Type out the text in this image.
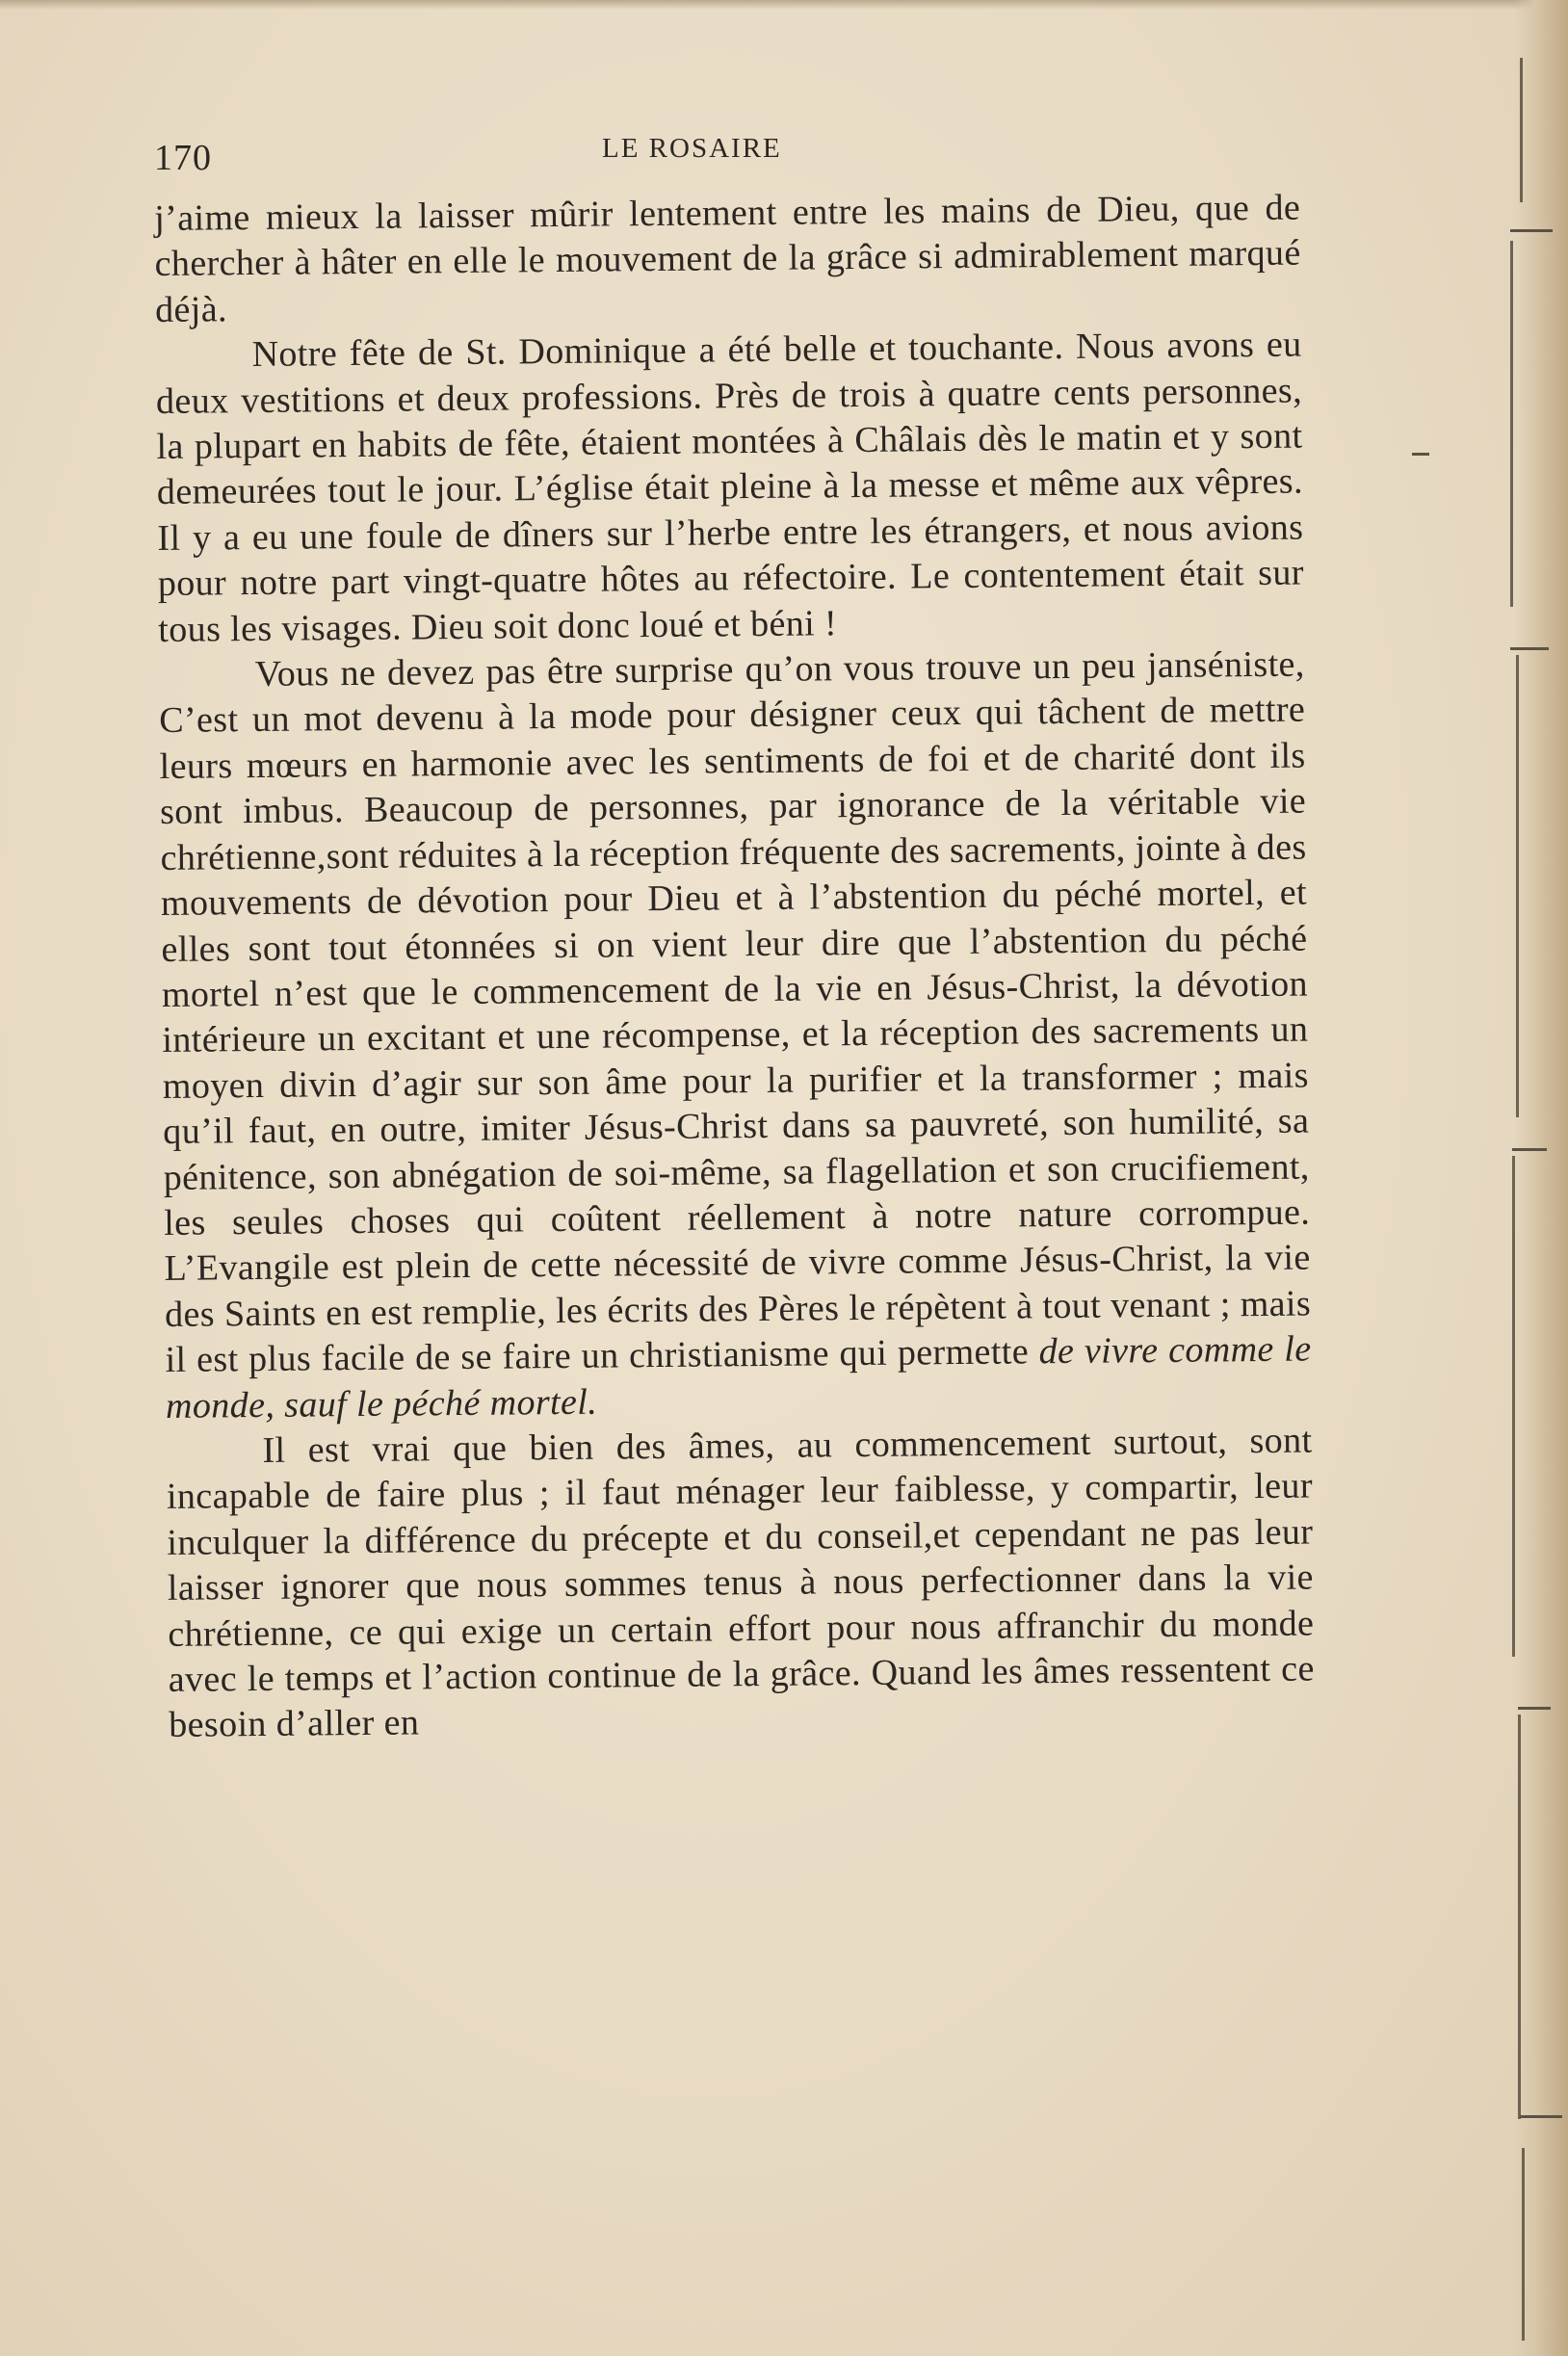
170	LE ROSAIRE

j’aime mieux la laisser mûrir lentement entre les mains de Dieu, que de chercher à hâter en elle le mouvement de la grâce si admirablement marqué déjà.

Notre fête de St. Dominique a été belle et touchante. Nous avons eu deux vestitions et deux professions. Près de trois à quatre cents personnes, la plupart en habits de fête, étaient montées à Châlais dès le matin et y sont demeurées tout le jour. L’église était pleine à la messe et même aux vêpres. Il y a eu une foule de dîners sur l’herbe entre les étrangers, et nous avions pour notre part vingt-quatre hôtes au réfectoire. Le contentement était sur tous les visages. Dieu soit donc loué et béni !

Vous ne devez pas être surprise qu’on vous trouve un peu janséniste, C’est un mot devenu à la mode pour désigner ceux qui tâchent de mettre leurs mœurs en harmonie avec les sentiments de foi et de charité dont ils sont imbus. Beaucoup de personnes, par ignorance de la véritable vie chrétienne,sont réduites à la réception fréquente des sacrements, jointe à des mouvements de dévotion pour Dieu et à l’abstention du péché mortel, et elles sont tout étonnées si on vient leur dire que l’abstention du péché mortel n’est que le commencement de la vie en Jésus-Christ, la dévotion intérieure un excitant et une récompense, et la réception des sacrements un moyen divin d’agir sur son âme pour la purifier et la transformer ; mais qu’il faut, en outre, imiter Jésus-Christ dans sa pauvreté, son humilité, sa pénitence, son abnégation de soi-même, sa flagellation et son crucifiement, les seules choses qui coûtent réellement à notre nature corrompue. L’Evangile est plein de cette nécessité de vivre comme Jésus-Christ, la vie des Saints en est remplie, les écrits des Pères le répètent à tout venant ; mais il est plus facile de se faire un christianisme qui permette de vivre comme le monde, sauf le péché mortel.

Il est vrai que bien des âmes, au commencement surtout, sont incapable de faire plus ; il faut ménager leur faiblesse, y compartir, leur inculquer la différence du précepte et du conseil,et cependant ne pas leur laisser ignorer que nous sommes tenus à nous perfectionner dans la vie chrétienne, ce qui exige un certain effort pour nous affranchir du monde avec le temps et l’action continue de la grâce. Quand les âmes ressentent ce besoin d’aller en
